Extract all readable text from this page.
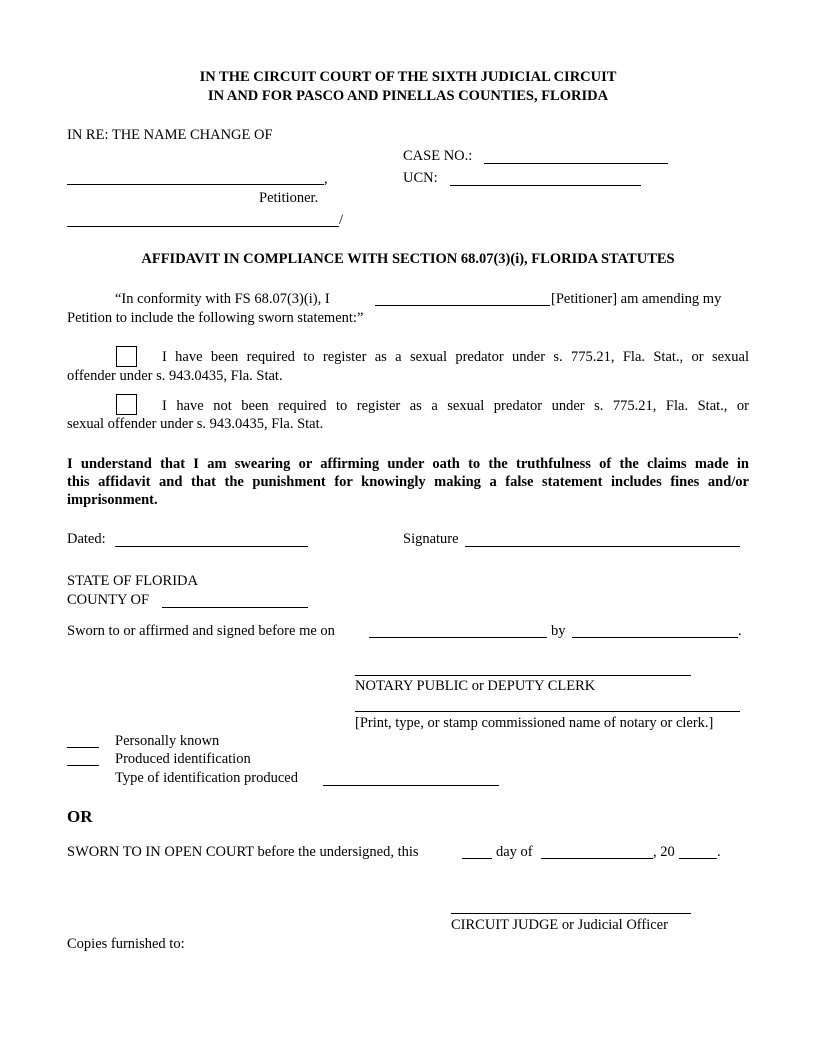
IN THE CIRCUIT COURT OF THE SIXTH JUDICIAL CIRCUIT
IN AND FOR PASCO AND PINELLAS COUNTIES, FLORIDA
IN RE: THE NAME CHANGE OF
CASE NO.:
,	UCN:
Petitioner.
/
AFFIDAVIT IN COMPLIANCE WITH SECTION 68.07(3)(i), FLORIDA STATUTES
“In conformity with FS 68.07(3)(i), I	[Petitioner] am amending my
Petition to include the following sworn statement:”
I have been required to register as a sexual predator under s. 775.21, Fla. Stat., or sexual
offender under s. 943.0435, Fla. Stat.
I have not been required to register as a sexual predator under s. 775.21, Fla. Stat., or
sexual offender under s. 943.0435, Fla. Stat.
I understand that I am swearing or affirming under oath to the truthfulness of the claims made in
this affidavit and that the punishment for knowingly making a false statement includes fines and/or
imprisonment.
Dated:	Signature
STATE OF FLORIDA
COUNTY OF
Sworn to or affirmed and signed before me on	by	.
NOTARY PUBLIC or DEPUTY CLERK
[Print, type, or stamp commissioned name of notary or clerk.]
Personally known
Produced identification
Type of identification produced
OR
SWORN TO IN OPEN COURT before the undersigned, this	day of	, 20	.
CIRCUIT JUDGE or Judicial Officer
Copies furnished to:
